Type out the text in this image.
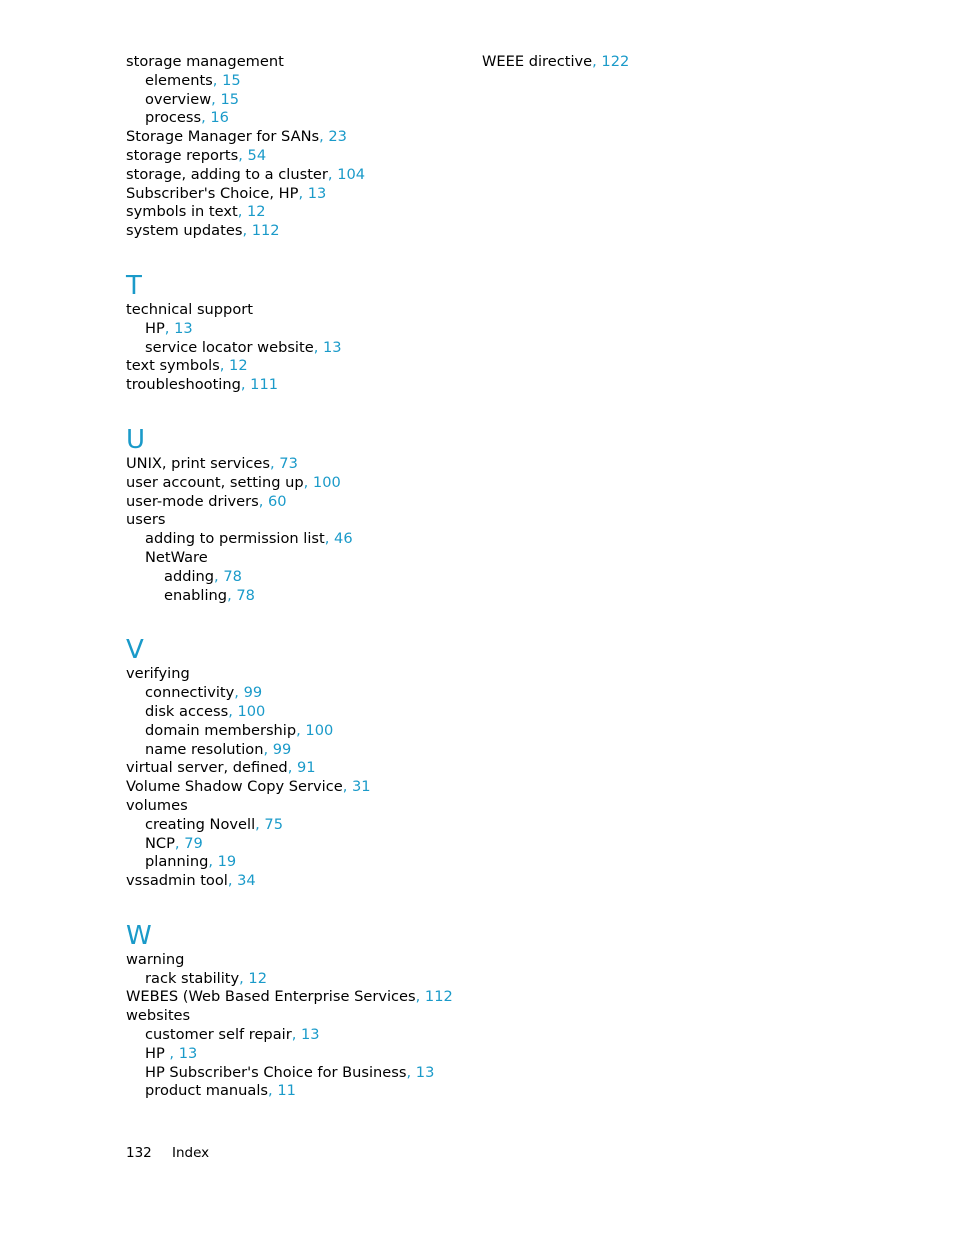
storage management
elements, 15
overview, 15
process, 16
Storage Manager for SANs, 23
storage reports, 54
storage, adding to a cluster, 104
Subscriber's Choice, HP, 13
symbols in text, 12
system updates, 112
T
technical support
HP, 13
service locator website, 13
text symbols, 12
troubleshooting, 111
U
UNIX, print services, 73
user account, setting up, 100
user-mode drivers, 60
users
adding to permission list, 46
NetWare
adding, 78
enabling, 78
V
verifying
connectivity, 99
disk access, 100
domain membership, 100
name resolution, 99
virtual server, defined, 91
Volume Shadow Copy Service, 31
volumes
creating Novell, 75
NCP, 79
planning, 19
vssadmin tool, 34
W
warning
rack stability, 12
WEBES (Web Based Enterprise Services, 112
websites
customer self repair, 13
HP , 13
HP Subscriber's Choice for Business, 13
product manuals, 11
WEEE directive, 122
132 Index
